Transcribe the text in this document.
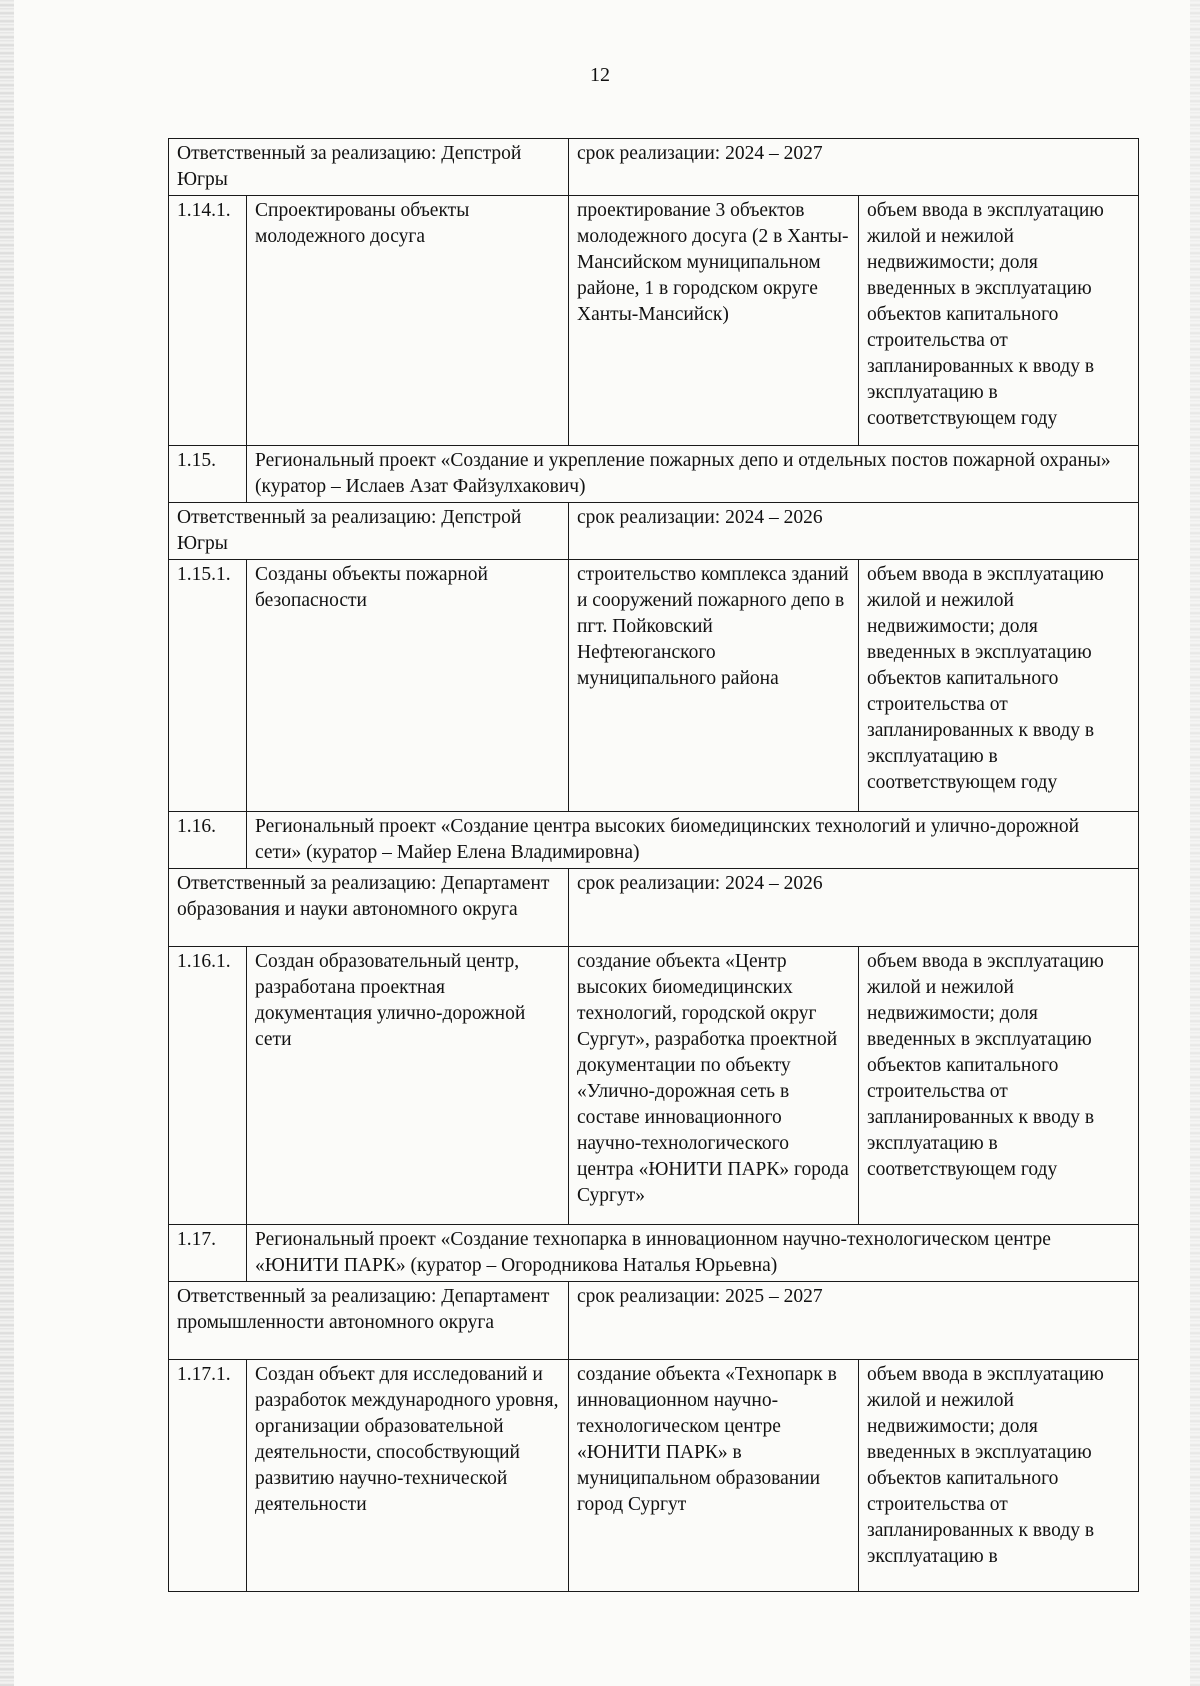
12
Ответственный за реализацию: Депстрой Югры		срок реализации: 2024 – 2027	
1.14.1.	Спроектированы объекты молодежного досуга	проектирование 3 объектов молодежного досуга (2 в Ханты-Мансийском муниципальном районе, 1 в городском округе Ханты-Мансийск)	объем ввода в эксплуатацию жилой и нежилой недвижимости; доля введенных в эксплуатацию объектов капитального строительства от запланированных к вводу в эксплуатацию в соответствующем году
1.15.	Региональный проект «Создание и укрепление пожарных депо и отдельных постов пожарной охраны» (куратор – Ислаев Азат Файзулхакович)		
Ответственный за реализацию: Депстрой Югры		срок реализации: 2024 – 2026	
1.15.1.	Созданы объекты пожарной безопасности	строительство комплекса зданий и сооружений пожарного депо в пгт. Пойковский Нефтеюганского муниципального района	объем ввода в эксплуатацию жилой и нежилой недвижимости; доля введенных в эксплуатацию объектов капитального строительства от запланированных к вводу в эксплуатацию в соответствующем году
1.16.	Региональный проект «Создание центра высоких биомедицинских технологий и улично-дорожной сети» (куратор – Майер Елена Владимировна)		
Ответственный за реализацию: Департамент образования и науки автономного округа		срок реализации: 2024 – 2026	
1.16.1.	Создан образовательный центр, разработана проектная документация улично-дорожной сети	создание объекта «Центр высоких биомедицинских технологий, городской округ Сургут», разработка проектной документации по объекту «Улично-дорожная сеть в составе инновационного научно-технологического центра «ЮНИТИ ПАРК» города Сургут»	объем ввода в эксплуатацию жилой и нежилой недвижимости; доля введенных в эксплуатацию объектов капитального строительства от запланированных к вводу в эксплуатацию в соответствующем году
1.17.	Региональный проект «Создание технопарка в инновационном научно-технологическом центре «ЮНИТИ ПАРК» (куратор – Огородникова Наталья Юрьевна)		
Ответственный за реализацию: Департамент промышленности автономного округа		срок реализации: 2025 – 2027	
1.17.1.	Создан объект для исследований и разработок международного уровня, организации образовательной деятельности, способствующий развитию научно-технической деятельности	создание объекта «Технопарк в инновационном научно-технологическом центре «ЮНИТИ ПАРК» в муниципальном образовании город Сургут	объем ввода в эксплуатацию жилой и нежилой недвижимости; доля введенных в эксплуатацию объектов капитального строительства от запланированных к вводу в эксплуатацию в
